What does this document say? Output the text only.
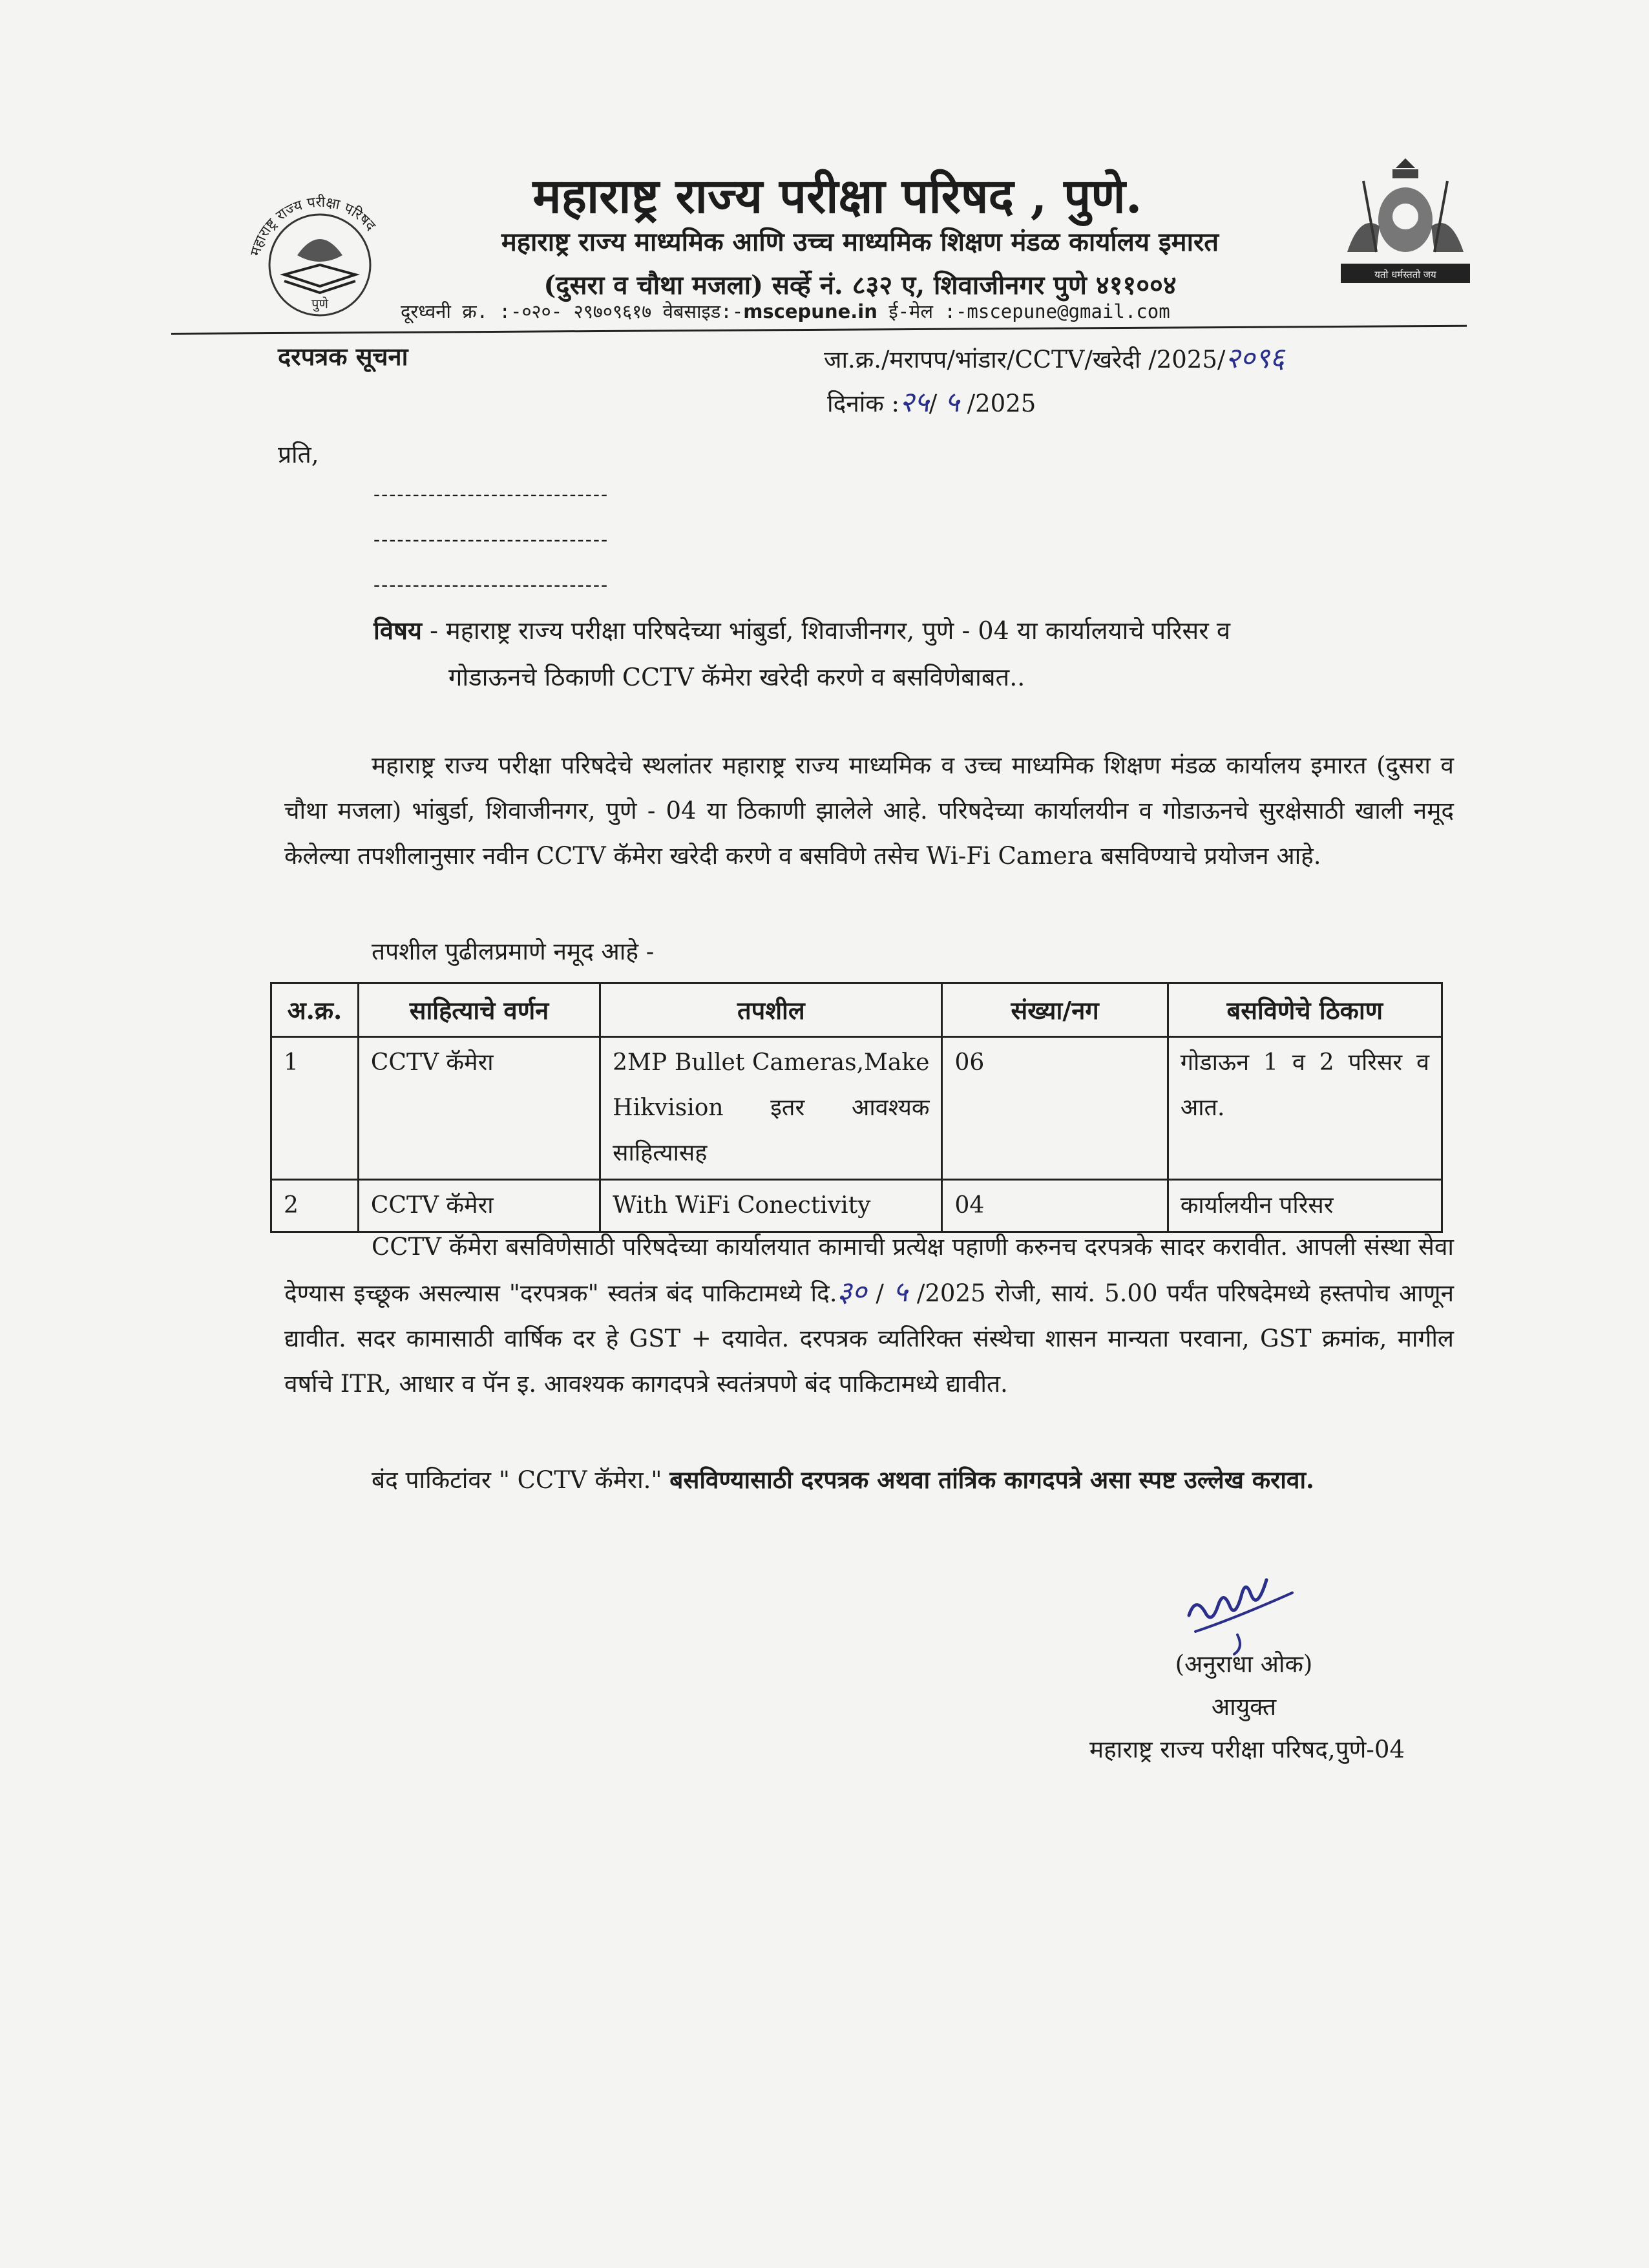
महाराष्ट्र राज्य परीक्षा परिषद
पुणे
यतो धर्मस्ततो जय
महाराष्ट्र राज्य परीक्षा परिषद , पुणे.
महाराष्ट्र राज्य माध्यमिक आणि उच्च माध्यमिक शिक्षण मंडळ कार्यालय इमारत
(दुसरा व चौथा मजला) सर्व्हे नं. ८३२ ए, शिवाजीनगर पुणे ४११००४
दूरध्वनी क्र. :-०२०- २९७०९६१७ वेबसाइड:-mscepune.in ई-मेल :-mscepune@gmail.com
दरपत्रक सूचना	जा.क्र./मरापप/भांडार/CCTV/खरेदी /2025/२०९६
दिनांक :२५/ ५ /2025
प्रति,
------------------------------
------------------------------
------------------------------
विषय - महाराष्ट्र राज्य परीक्षा परिषदेच्या भांबुर्डा, शिवाजीनगर, पुणे - 04 या कार्यालयाचे परिसर व
गोडाऊनचे ठिकाणी CCTV कॅमेरा खरेदी करणे व बसविणेबाबत..
महाराष्ट्र राज्य परीक्षा परिषदेचे स्थलांतर महाराष्ट्र राज्य माध्यमिक व उच्च माध्यमिक शिक्षण मंडळ कार्यालय इमारत (दुसरा व चौथा मजला) भांबुर्डा, शिवाजीनगर, पुणे - 04 या ठिकाणी झालेले आहे. परिषदेच्या कार्यालयीन व गोडाऊनचे सुरक्षेसाठी खाली नमूद केलेल्या तपशीलानुसार नवीन CCTV कॅमेरा खरेदी करणे व बसविणे तसेच Wi-Fi Camera बसविण्याचे प्रयोजन आहे.
तपशील पुढीलप्रमाणे नमूद आहे -
अ.क्र.	साहित्याचे वर्णन	तपशील	संख्या/नग	बसविणेचे ठिकाण
1	CCTV कॅमेरा	2MP Bullet Cameras,Make Hikvision इतर आवश्यक साहित्यासह	06	गोडाऊन 1 व 2 परिसर व आत.
2	CCTV कॅमेरा	With WiFi Conectivity	04	कार्यालयीन परिसर
CCTV कॅमेरा बसविणेसाठी परिषदेच्या कार्यालयात कामाची प्रत्येक्ष पहाणी करुनच दरपत्रके सादर करावीत. आपली संस्था सेवा देण्यास इच्छूक असल्यास "दरपत्रक" स्वतंत्र बंद पाकिटामध्ये दि.३० / ५ /2025 रोजी, सायं. 5.00 पर्यंत परिषदेमध्ये हस्तपोच आणून द्यावीत. सदर कामासाठी वार्षिक दर हे GST + दयावेत. दरपत्रक व्यतिरिक्त संस्थेचा शासन मान्यता परवाना, GST क्रमांक, मागील वर्षाचे ITR, आधार व पॅन इ. आवश्यक कागदपत्रे स्वतंत्रपणे बंद पाकिटामध्ये द्यावीत.
बंद पाकिटांवर " CCTV कॅमेरा." बसविण्यासाठी दरपत्रक अथवा तांत्रिक कागदपत्रे असा स्पष्ट उल्लेख करावा.
(अनुराधा ओक)
आयुक्त
महाराष्ट्र राज्य परीक्षा परिषद,पुणे-04
